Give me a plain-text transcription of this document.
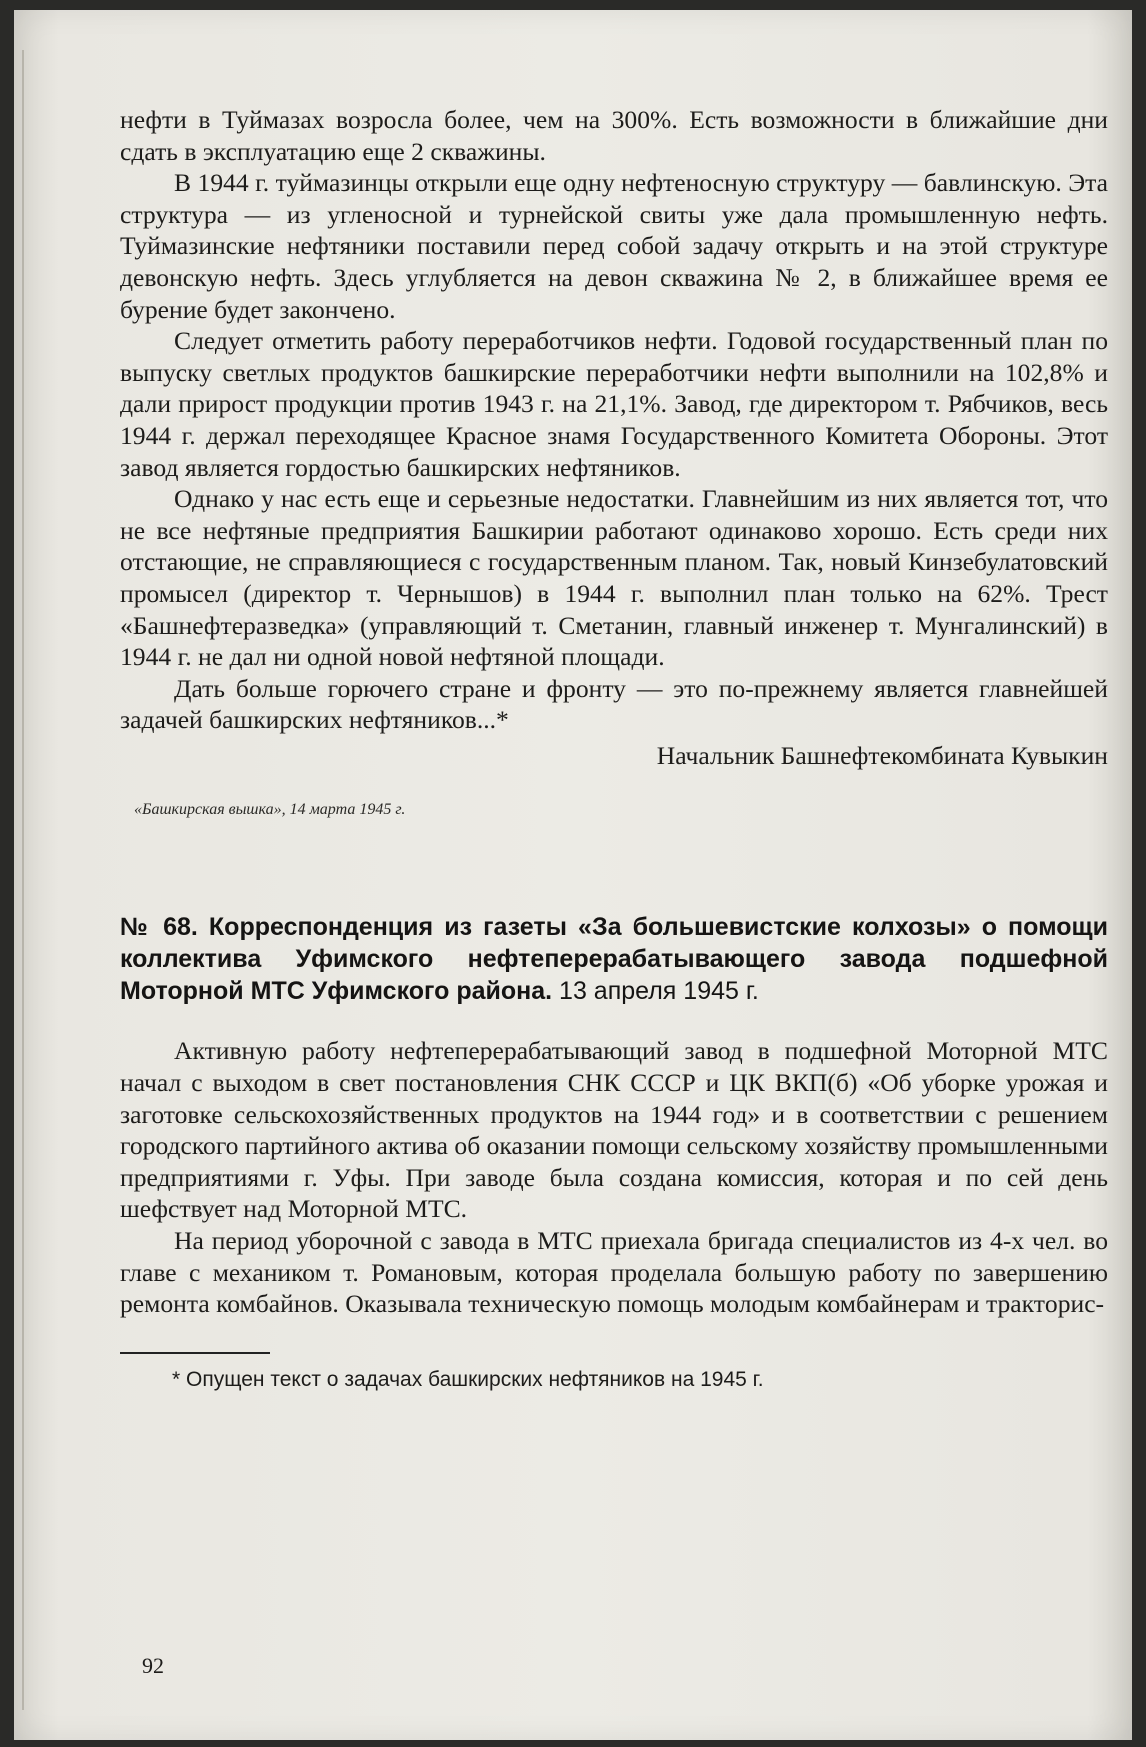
нефти в Туймазах возросла более, чем на 300%. Есть возможности в ближайшие дни сдать в эксплуатацию еще 2 скважины.

В 1944 г. туймазинцы открыли еще одну нефтеносную структуру — бавлинскую. Эта структура — из угленосной и турнейской свиты уже дала промышленную нефть. Туймазинские нефтяники поставили перед собой задачу открыть и на этой структуре девонскую нефть. Здесь углубляется на девон скважина № 2, в ближайшее время ее бурение будет закончено.

Следует отметить работу переработчиков нефти. Годовой государственный план по выпуску светлых продуктов башкирские переработчики нефти выполнили на 102,8% и дали прирост продукции против 1943 г. на 21,1%. Завод, где директором т. Рябчиков, весь 1944 г. держал переходящее Красное знамя Государственного Комитета Обороны. Этот завод является гордостью башкирских нефтяников.

Однако у нас есть еще и серьезные недостатки. Главнейшим из них является тот, что не все нефтяные предприятия Башкирии работают одинаково хорошо. Есть среди них отстающие, не справляющиеся с государственным планом. Так, новый Кинзебулатовский промысел (директор т. Чернышов) в 1944 г. выполнил план только на 62%. Трест «Башнефтеразведка» (управляющий т. Сметанин, главный инженер т. Мунгалинский) в 1944 г. не дал ни одной новой нефтяной площади.

Дать больше горючего стране и фронту — это по-прежнему является главнейшей задачей башкирских нефтяников...*

Начальник Башнефтекомбината Кувыкин
«Башкирская вышка», 14 марта 1945 г.
№ 68. Корреспонденция из газеты «За большевистские колхозы» о помощи коллектива Уфимского нефтеперерабатывающего завода подшефной Моторной МТС Уфимского района. 13 апреля 1945 г.

Активную работу нефтеперерабатывающий завод в подшефной Моторной МТС начал с выходом в свет постановления СНК СССР и ЦК ВКП(б) «Об уборке урожая и заготовке сельскохозяйственных продуктов на 1944 год» и в соответствии с решением городского партийного актива об оказании помощи сельскому хозяйству промышленными предприятиями г. Уфы. При заводе была создана комиссия, которая и по сей день шефствует над Моторной МТС.

На период уборочной с завода в МТС приехала бригада специалистов из 4-х чел. во главе с механиком т. Романовым, которая проделала большую работу по завершению ремонта комбайнов. Оказывала техническую помощь молодым комбайнерам и трактoрис-

* Опущен текст о задачах башкирских нефтяников на 1945 г.
92
